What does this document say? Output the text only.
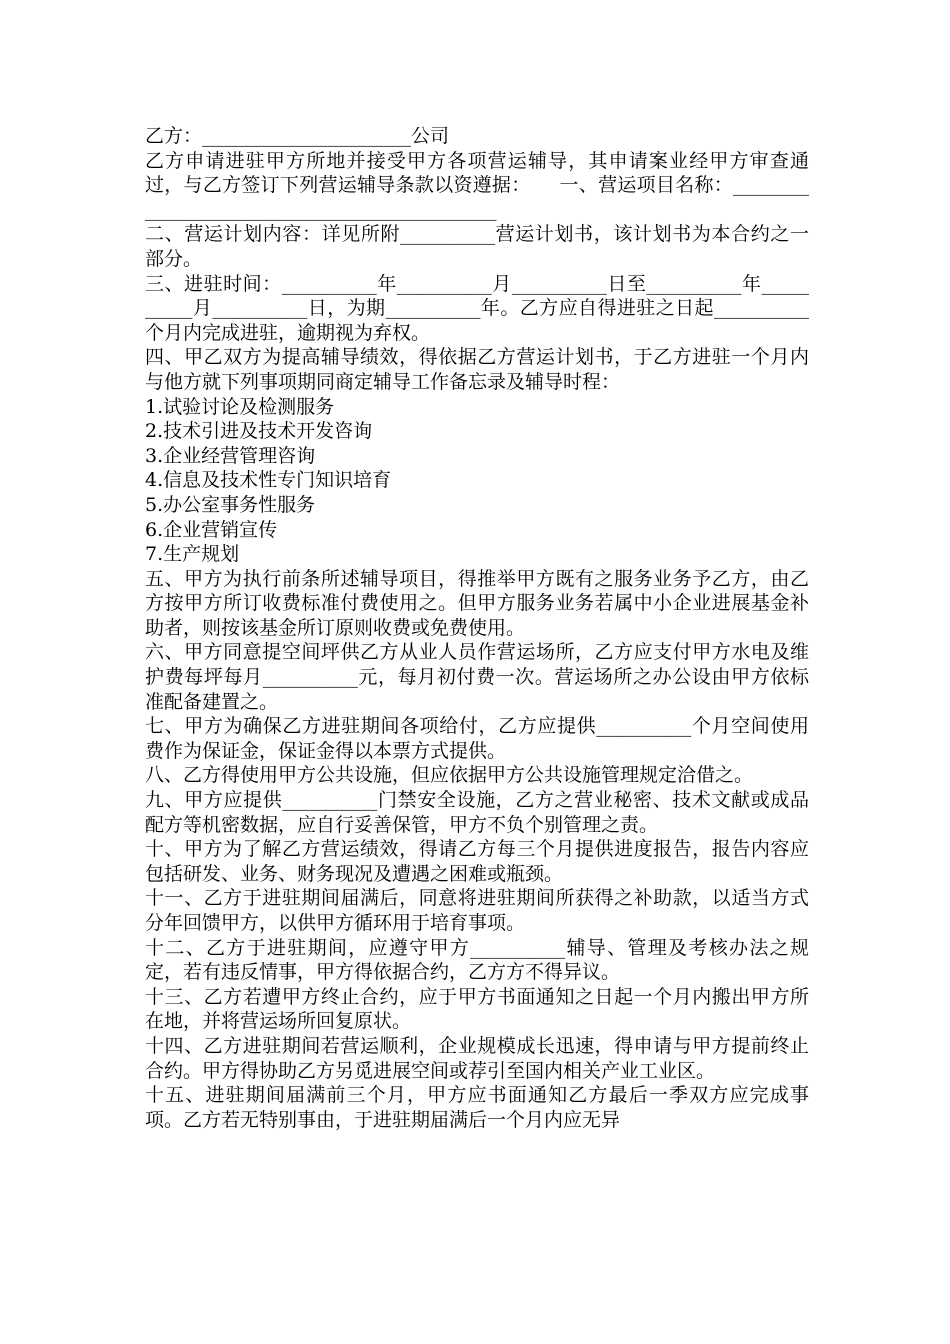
乙方：______________________公司

乙方申请进驻甲方所地并接受甲方各项营运辅导，其申请案业经甲方审查通过，与乙方签订下列营运辅导条款以资遵据：　　一、营运项目名称：_____________________________________________

二、营运计划内容：详见所附__________营运计划书，该计划书为本合约之一部分。

三、进驻时间：__________年__________月__________日至__________年__________月__________日，为期__________年。乙方应自得进驻之日起__________个月内完成进驻，逾期视为弃权。

四、甲乙双方为提高辅导绩效，得依据乙方营运计划书，于乙方进驻一个月内与他方就下列事项期同商定辅导工作备忘录及辅导时程：

1.试验讨论及检测服务

2.技术引进及技术开发咨询

3.企业经营管理咨询

4.信息及技术性专门知识培育

5.办公室事务性服务

6.企业营销宣传

7.生产规划

五、甲方为执行前条所述辅导项目，得推举甲方既有之服务业务予乙方，由乙方按甲方所订收费标准付费使用之。但甲方服务业务若属中小企业进展基金补助者，则按该基金所订原则收费或免费使用。

六、甲方同意提空间坪供乙方从业人员作营运场所，乙方应支付甲方水电及维护费每坪每月__________元，每月初付费一次。营运场所之办公设由甲方依标准配备建置之。

七、甲方为确保乙方进驻期间各项给付，乙方应提供__________个月空间使用费作为保证金，保证金得以本票方式提供。

八、乙方得使用甲方公共设施，但应依据甲方公共设施管理规定洽借之。

九、甲方应提供__________门禁安全设施，乙方之营业秘密、技术文献或成品配方等机密数据，应自行妥善保管，甲方不负个别管理之责。

十、甲方为了解乙方营运绩效，得请乙方每三个月提供进度报告，报告内容应包括研发、业务、财务现况及遭遇之困难或瓶颈。

十一、乙方于进驻期间届满后，同意将进驻期间所获得之补助款，以适当方式分年回馈甲方，以供甲方循环用于培育事项。

十二、乙方于进驻期间，应遵守甲方__________辅导、管理及考核办法之规定，若有违反情事，甲方得依据合约，乙方方不得异议。

十三、乙方若遭甲方终止合约，应于甲方书面通知之日起一个月内搬出甲方所在地，并将营运场所回复原状。

十四、乙方进驻期间若营运顺利，企业规模成长迅速，得申请与甲方提前终止合约。甲方得协助乙方另觅进展空间或荐引至国内相关产业工业区。

十五、进驻期间届满前三个月，甲方应书面通知乙方最后一季双方应完成事项。乙方若无特别事由，于进驻期届满后一个月内应无异
